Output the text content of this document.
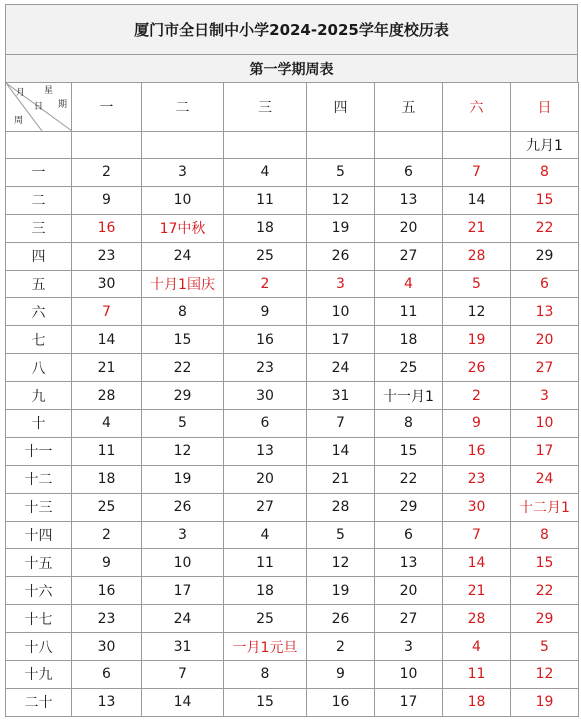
厦门市全日制中小学2024-2025学年度校历表
第一学期周表
月 星
日 期
周	一	二	三	四	五	六	日
							九月1
一	2	3	4	5	6	7	8
二	9	10	11	12	13	14	15
三	16	17中秋	18	19	20	21	22
四	23	24	25	26	27	28	29
五	30	十月1国庆	2	3	4	5	6
六	7	8	9	10	11	12	13
七	14	15	16	17	18	19	20
八	21	22	23	24	25	26	27
九	28	29	30	31	十一月1	2	3
十	4	5	6	7	8	9	10
十一	11	12	13	14	15	16	17
十二	18	19	20	21	22	23	24
十三	25	26	27	28	29	30	十二月1
十四	2	3	4	5	6	7	8
十五	9	10	11	12	13	14	15
十六	16	17	18	19	20	21	22
十七	23	24	25	26	27	28	29
十八	30	31	一月1元旦	2	3	4	5
十九	6	7	8	9	10	11	12
二十	13	14	15	16	17	18	19
